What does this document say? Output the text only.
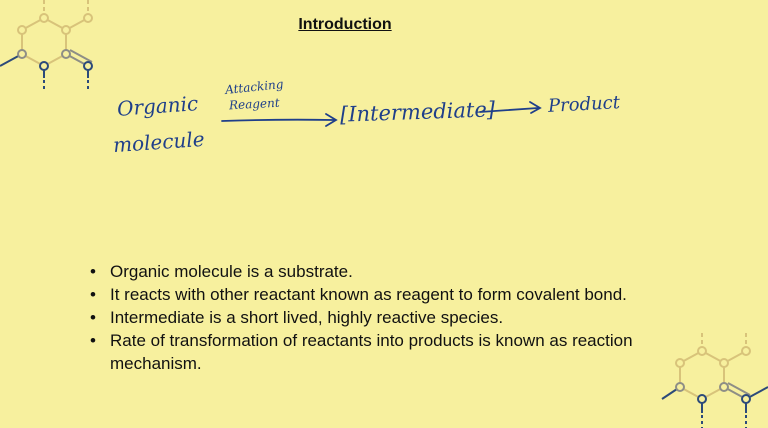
Introduction
Organic
molecule
Attacking
Reagent	[Intermediate]	Product
• Organic molecule is a substrate.
• It reacts with other reactant known as reagent to form covalent bond.
• Intermediate is a short lived, highly reactive species.
• Rate of transformation of reactants into products is known as reaction mechanism.
